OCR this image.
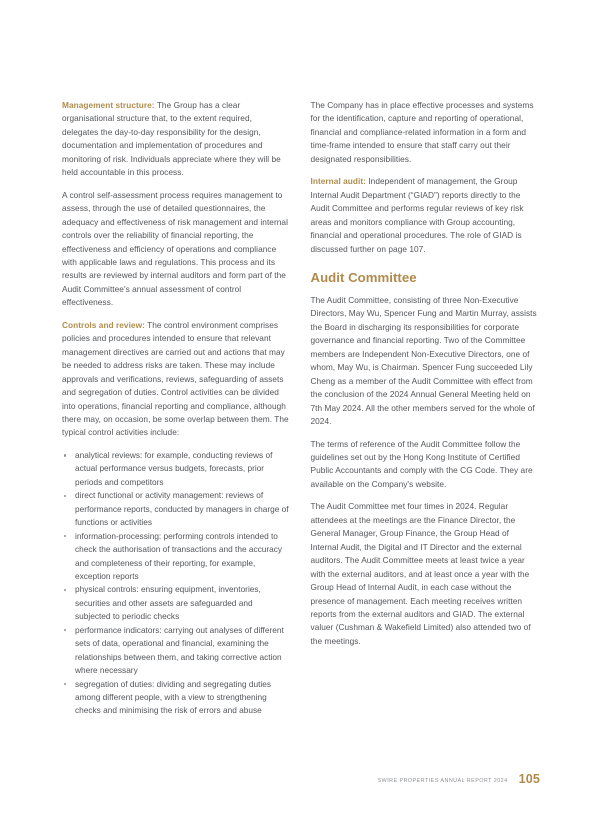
Management structure: The Group has a clear organisational structure that, to the extent required, delegates the day-to-day responsibility for the design, documentation and implementation of procedures and monitoring of risk. Individuals appreciate where they will be held accountable in this process.

A control self-assessment process requires management to assess, through the use of detailed questionnaires, the adequacy and effectiveness of risk management and internal controls over the reliability of financial reporting, the effectiveness and efficiency of operations and compliance with applicable laws and regulations. This process and its results are reviewed by internal auditors and form part of the Audit Committee's annual assessment of control effectiveness.

Controls and review: The control environment comprises policies and procedures intended to ensure that relevant management directives are carried out and actions that may be needed to address risks are taken. These may include approvals and verifications, reviews, safeguarding of assets and segregation of duties. Control activities can be divided into operations, financial reporting and compliance, although there may, on occasion, be some overlap between them. The typical control activities include:

analytical reviews: for example, conducting reviews of actual performance versus budgets, forecasts, prior periods and competitors
direct functional or activity management: reviews of performance reports, conducted by managers in charge of functions or activities
information-processing: performing controls intended to check the authorisation of transactions and the accuracy and completeness of their reporting, for example, exception reports
physical controls: ensuring equipment, inventories, securities and other assets are safeguarded and subjected to periodic checks
performance indicators: carrying out analyses of different sets of data, operational and financial, examining the relationships between them, and taking corrective action where necessary
segregation of duties: dividing and segregating duties among different people, with a view to strengthening checks and minimising the risk of errors and abuse

The Company has in place effective processes and systems for the identification, capture and reporting of operational, financial and compliance-related information in a form and time-frame intended to ensure that staff carry out their designated responsibilities.

Internal audit: Independent of management, the Group Internal Audit Department (“GIAD”) reports directly to the Audit Committee and performs regular reviews of key risk areas and monitors compliance with Group accounting, financial and operational procedures. The role of GIAD is discussed further on page 107.

Audit Committee

The Audit Committee, consisting of three Non-Executive Directors, May Wu, Spencer Fung and Martin Murray, assists the Board in discharging its responsibilities for corporate governance and financial reporting. Two of the Committee members are Independent Non-Executive Directors, one of whom, May Wu, is Chairman. Spencer Fung succeeded Lily Cheng as a member of the Audit Committee with effect from the conclusion of the 2024 Annual General Meeting held on 7th May 2024. All the other members served for the whole of 2024.

The terms of reference of the Audit Committee follow the guidelines set out by the Hong Kong Institute of Certified Public Accountants and comply with the CG Code. They are available on the Company's website.

The Audit Committee met four times in 2024. Regular attendees at the meetings are the Finance Director, the General Manager, Group Finance, the Group Head of Internal Audit, the Digital and IT Director and the external auditors. The Audit Committee meets at least twice a year with the external auditors, and at least once a year with the Group Head of Internal Audit, in each case without the presence of management. Each meeting receives written reports from the external auditors and GIAD. The external valuer (Cushman & Wakefield Limited) also attended two of the meetings.

SWIRE PROPERTIES ANNUAL REPORT 2024 105
